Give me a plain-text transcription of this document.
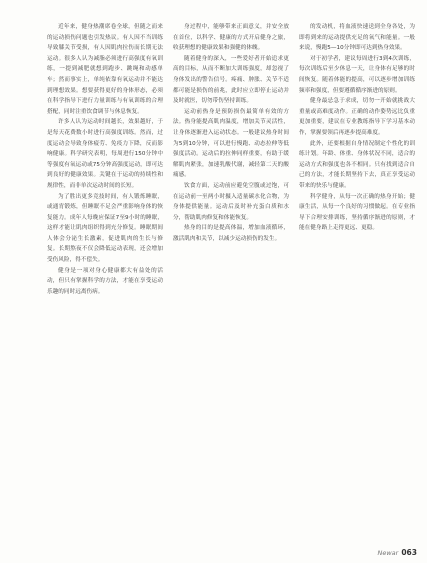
近年来，健身热潮席卷全球，但随之而来的运动损伤问题也引发热议。有人因不当训练导致膝关节受损，有人因肌肉拉伤而长期无法运动。很多人认为减脂必须进行高强度有氧训练，一提到减肥就想到跑步、跳绳和动感单车；然而事实上，单纯依靠有氧运动并不能达到理想效果。想要获得更好的身体形态，必须在科学指导下进行力量训练与有氧训练的合理搭配，同时注重饮食调节与休息恢复。

许多人认为运动时间越长，效果越好，于是每天花费数小时进行高强度训练。然而，过度运动会导致身体疲劳、免疫力下降，反而影响健康。科学研究表明，每周进行150分钟中等强度有氧运动或75分钟高强度运动，即可达到良好的健康效果。关键在于运动的持续性和规律性，而非单次运动时间的长短。

为了胜出更多竞技时间，有人锻炼睡眠，或通宵锻炼，但睡眠不足会严重影响身体的恢复能力。成年人每晚应保证7至9小时的睡眠，这样才能让肌肉组织得到充分修复。睡眠期间人体会分泌生长激素，促进肌肉的生长与修复。长期熬夜不仅会降低运动表现，还会增加受伤风险，得不偿失。

健身是一项对身心健康都大有益处的活动，但只有掌握科学的方法，才能在享受运动乐趣的同时远离伤病。

身过程中，能够带来正面意义，并安全放在首位，以科学、健康的方式开启健身之旅，收获理想的健康效果和强健的体魄。

随着健身的深入，一些爱好者开始追求更高的目标，从而不断加大训练强度，却忽视了身体发出的警告信号。疼痛、肿胀、关节不适都可能是损伤的前兆，此时应立即停止运动并及时就医，切勿带伤坚持训练。

运动前热身是预防损伤最简单有效的方法。热身能提高肌肉温度，增加关节灵活性，让身体逐渐进入运动状态。一般建议热身时间为5到10分钟，可以进行慢跑、动态拉伸等低强度活动。运动后的拉伸同样重要，有助于缓解肌肉紧张，加速乳酸代谢，减轻第二天的酸痛感。

饮食方面，运动前应避免空腹或过饱，可在运动前一至两小时摄入适量碳水化合物，为身体提供能量。运动后及时补充蛋白质和水分，帮助肌肉修复和体能恢复。

热身的目的是提高体温，增加血液循环，激活肌肉和关节，以减少运动损伤的发生。

的发动机，将血液快速送到全身各处，为即将到来的运动提供充足的氧气和能量。一般来说，慢跑5—10分钟即可达到热身效果。

对于初学者，建议每周进行3到4次训练，每次训练后至少休息一天，让身体有足够的时间恢复。随着体能的提高，可以逐步增加训练频率和强度，但要遵循循序渐进的原则。

健身最忌急于求成，切勿一开始就挑战大重量或高难度动作。正确的动作姿势远比负重更加重要，建议在专业教练指导下学习基本动作，掌握要领后再逐步提高难度。

此外，还要根据自身情况制定个性化的训练计划。年龄、体重、身体状况不同，适合的运动方式和强度也各不相同。只有找到适合自己的方法，才能长期坚持下去，真正享受运动带来的快乐与健康。

科学健身，从每一次正确的热身开始；健康生活，从每一个良好的习惯做起。在专业指导下合理安排训练，坚持循序渐进的原则，才能在健身路上走得更远、更稳。

Newar 063
